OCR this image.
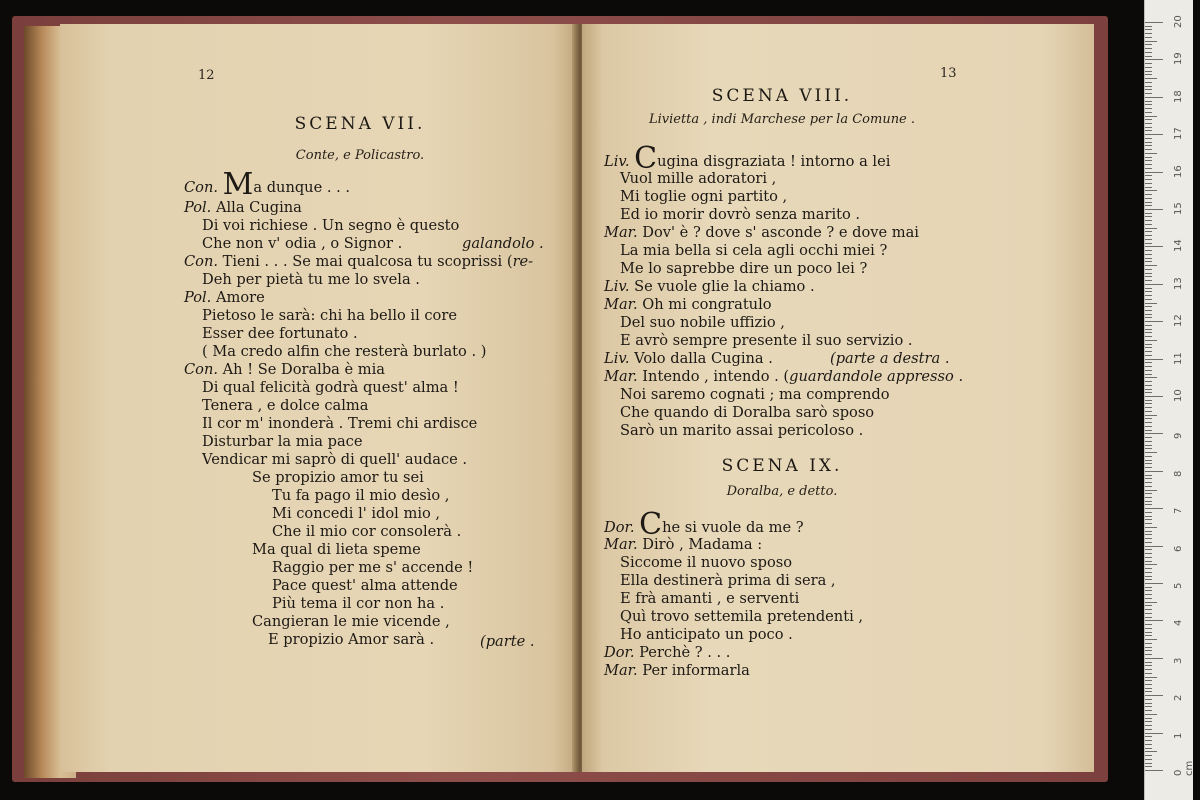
12
SCENA VII.
Conte, e Policastro.
Con. Ma dunque . . .
Pol. Alla Cugina
Di voi richiese . Un segno è questo
Che non v' odia , o Signor .	galandolo .
Con. Tieni . . . Se mai qualcosa tu scoprissi (re-
Deh per pietà tu me lo svela .
Pol. Amore
Pietoso le sarà: chi ha bello il core
Esser dee fortunato .
( Ma credo alfin che resterà burlato . )
Con. Ah ! Se Doralba è mia
Di qual felicità godrà quest' alma !
Tenera , e dolce calma
Il cor m' inonderà . Tremi chi ardisce
Disturbar la mia pace
Vendicar mi saprò di quell' audace .
Se propizio amor tu sei
Tu fa pago il mio desìo ,
Mi concedi l' idol mio ,
Che il mio cor consolerà .
Ma qual di lieta speme
Raggio per me s' accende !
Pace quest' alma attende
Più tema il cor non ha .
Cangieran le mie vicende ,
E propizio Amor sarà .	(parte .
13
SCENA VIII.
Livietta , indi Marchese per la Comune .
Liv. Cugina disgraziata ! intorno a lei
Vuol mille adoratori ,
Mi toglie ogni partito ,
Ed io morir dovrò senza marito .
Mar. Dov' è ? dove s' asconde ? e dove mai
La mia bella si cela agli occhi miei ?
Me lo saprebbe dire un poco lei ?
Liv. Se vuole glie la chiamo .
Mar. Oh mi congratulo
Del suo nobile uffizio ,
E avrò sempre presente il suo servizio .
Liv. Volo dalla Cugina .	(parte a destra .
Mar. Intendo , intendo . (guardandole appresso .
Noi saremo cognati ; ma comprendo
Che quando di Doralba sarò sposo
Sarò un marito assai pericoloso .
SCENA IX.
Doralba, e detto.
Dor. Che si vuole da me ?
Mar. Dirò , Madama :
Siccome il nuovo sposo
Ella destinerà prima di sera ,
E frà amanti , e serventi
Quì trovo settemila pretendenti ,
Ho anticipato un poco .
Dor. Perchè ? . . .
Mar. Per informarla
0 cm
1
2
3
4
5
6
7
8
9
10
11
12
13
14
15
16
17
18
19
20
